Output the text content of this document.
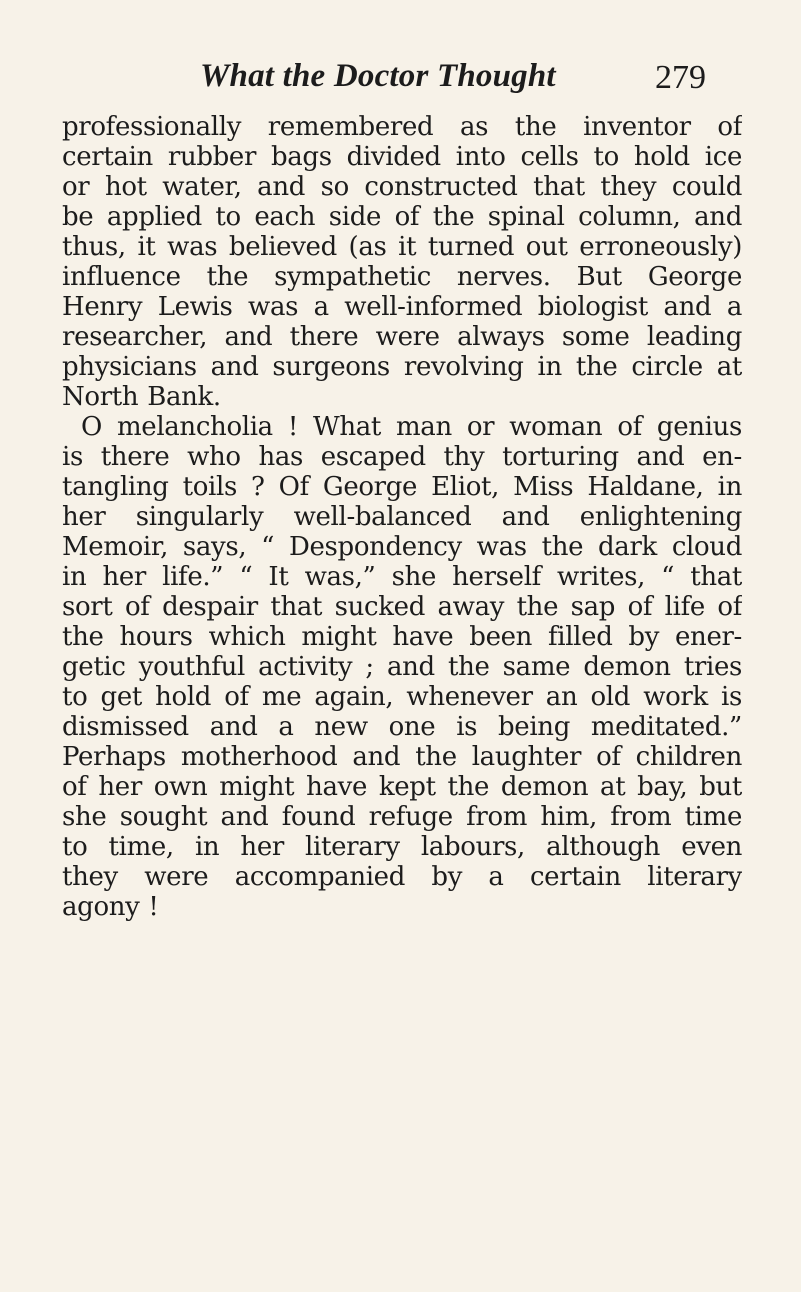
What the Doctor Thought	279
professionally remembered as the inventor of
certain rubber bags divided into cells to hold ice
or hot water, and so constructed that they could
be applied to each side of the spinal column, and
thus, it was believed (as it turned out erroneously)
influence the sympathetic nerves. But George
Henry Lewis was a well-informed biologist and a
researcher, and there were always some leading
physicians and surgeons revolving in the circle at
North Bank.
O melancholia ! What man or woman of genius
is there who has escaped thy torturing and en-
tangling toils ? Of George Eliot, Miss Haldane, in
her singularly well-balanced and enlightening
Memoir, says, “ Despondency was the dark cloud
in her life.” “ It was,” she herself writes, “ that
sort of despair that sucked away the sap of life of
the hours which might have been filled by ener-
getic youthful activity ; and the same demon tries
to get hold of me again, whenever an old work is
dismissed and a new one is being meditated.”
Perhaps motherhood and the laughter of children
of her own might have kept the demon at bay, but
she sought and found refuge from him, from time
to time, in her literary labours, although even
they were accompanied by a certain literary
agony !
